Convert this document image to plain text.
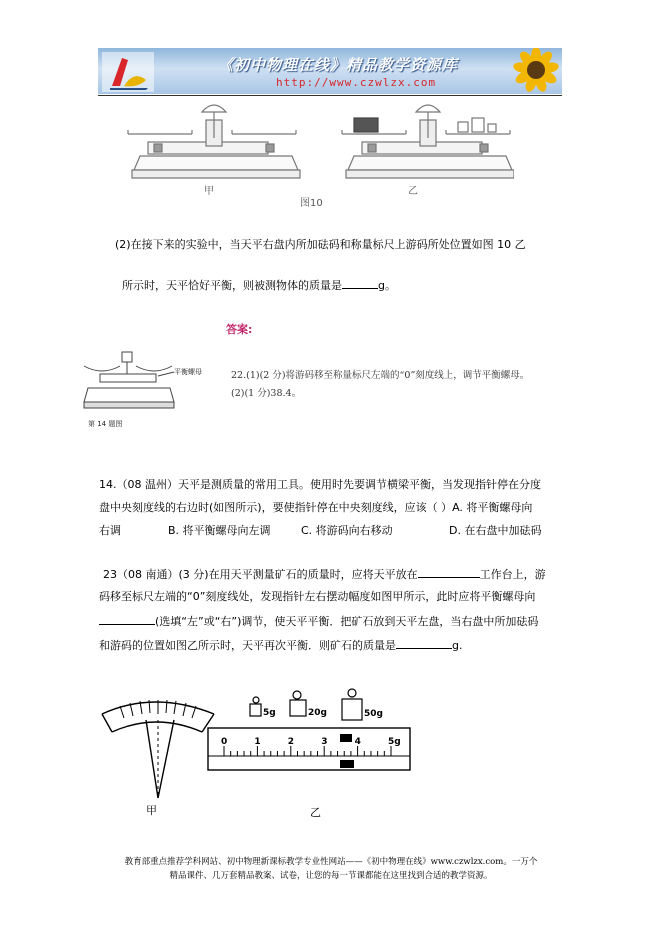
《初中物理在线》精品教学资源库
http://www.czwlzx.com
甲
图10
乙
(2)在接下来的实验中，当天平右盘内所加砝码和称量标尺上游码所处位置如图 10 乙
所示时，天平恰好平衡，则被测物体的质量是	g。
答案:
平衡螺母
第 14 题图
22.(1)(2 分)将游码移至称量标尺左端的“0”刻度线上，调节平衡螺母。
(2)(1 分)38.4。
14.（08 温州）天平是测质量的常用工具。使用时先要调节横梁平衡，当发现指针停在分度
盘中央刻度线的右边时(如图所示)，要使指针停在中央刻度线，应该（ ）A. 将平衡螺母向
右调	B. 将平衡螺母向左调	C. 将游码向右移动	D. 在右盘中加砝码
23（08 南通）(3 分)在用天平测量矿石的质量时，应将天平放在	工作台上，游
码移至标尺左端的“0”刻度线处，发现指针左右摆动幅度如图甲所示，此时应将平衡螺母向
(选填“左”或“右”)调节，使天平平衡．把矿石放到天平左盘，当右盘中所加砝码
和游码的位置如图乙所示时，天平再次平衡．则矿石的质量是	g.
5g	20g	50g
0	1	2	3	4	5g
甲	乙
教育部重点推荐学科网站、初中物理新课标教学专业性网站——《初中物理在线》www.czwlzx.com。一万个
精品课件、几万套精品教案、试卷，让您的每一节课都能在这里找到合适的教学资源。
